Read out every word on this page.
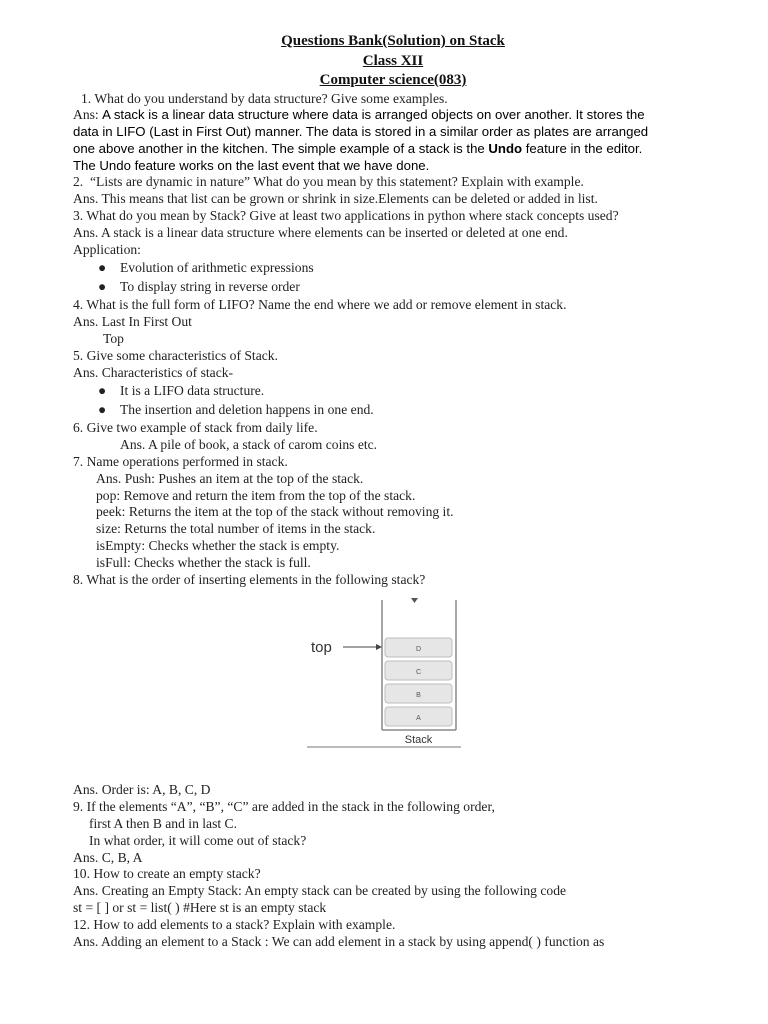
Questions Bank(Solution) on Stack
Class XII
Computer science(083)
1. What do you understand by data structure? Give some examples.
Ans: A stack is a linear data structure where data is arranged objects on over another. It stores the
data in LIFO (Last in First Out) manner. The data is stored in a similar order as plates are arranged
one above another in the kitchen. The simple example of a stack is the Undo feature in the editor.
The Undo feature works on the last event that we have done.
2.  “Lists are dynamic in nature” What do you mean by this statement? Explain with example.
Ans. This means that list can be grown or shrink in size.Elements can be deleted or added in list.
3. What do you mean by Stack? Give at least two applications in python where stack concepts used?
Ans. A stack is a linear data structure where elements can be inserted or deleted at one end.
Application:
● Evolution of arithmetic expressions
● To display string in reverse order
4. What is the full form of LIFO? Name the end where we add or remove element in stack.
Ans. Last In First Out
Top
5. Give some characteristics of Stack.
Ans. Characteristics of stack-
● It is a LIFO data structure.
● The insertion and deletion happens in one end.
6. Give two example of stack from daily life.
Ans. A pile of book, a stack of carom coins etc.
7. Name operations performed in stack.
Ans. Push: Pushes an item at the top of the stack.
pop: Remove and return the item from the top of the stack.
peek: Returns the item at the top of the stack without removing it.
size: Returns the total number of items in the stack.
isEmpty: Checks whether the stack is empty.
isFull: Checks whether the stack is full.
8. What is the order of inserting elements in the following stack?
D
C
B
A
top
Stack
Ans. Order is: A, B, C, D
9. If the elements “A”, “B”, “C” are added in the stack in the following order,
first A then B and in last C.
In what order, it will come out of stack?
Ans. C, B, A
10. How to create an empty stack?
Ans. Creating an Empty Stack: An empty stack can be created by using the following code
st = [ ] or st = list( ) #Here st is an empty stack
12. How to add elements to a stack? Explain with example.
Ans. Adding an element to a Stack : We can add element in a stack by using append( ) function as
